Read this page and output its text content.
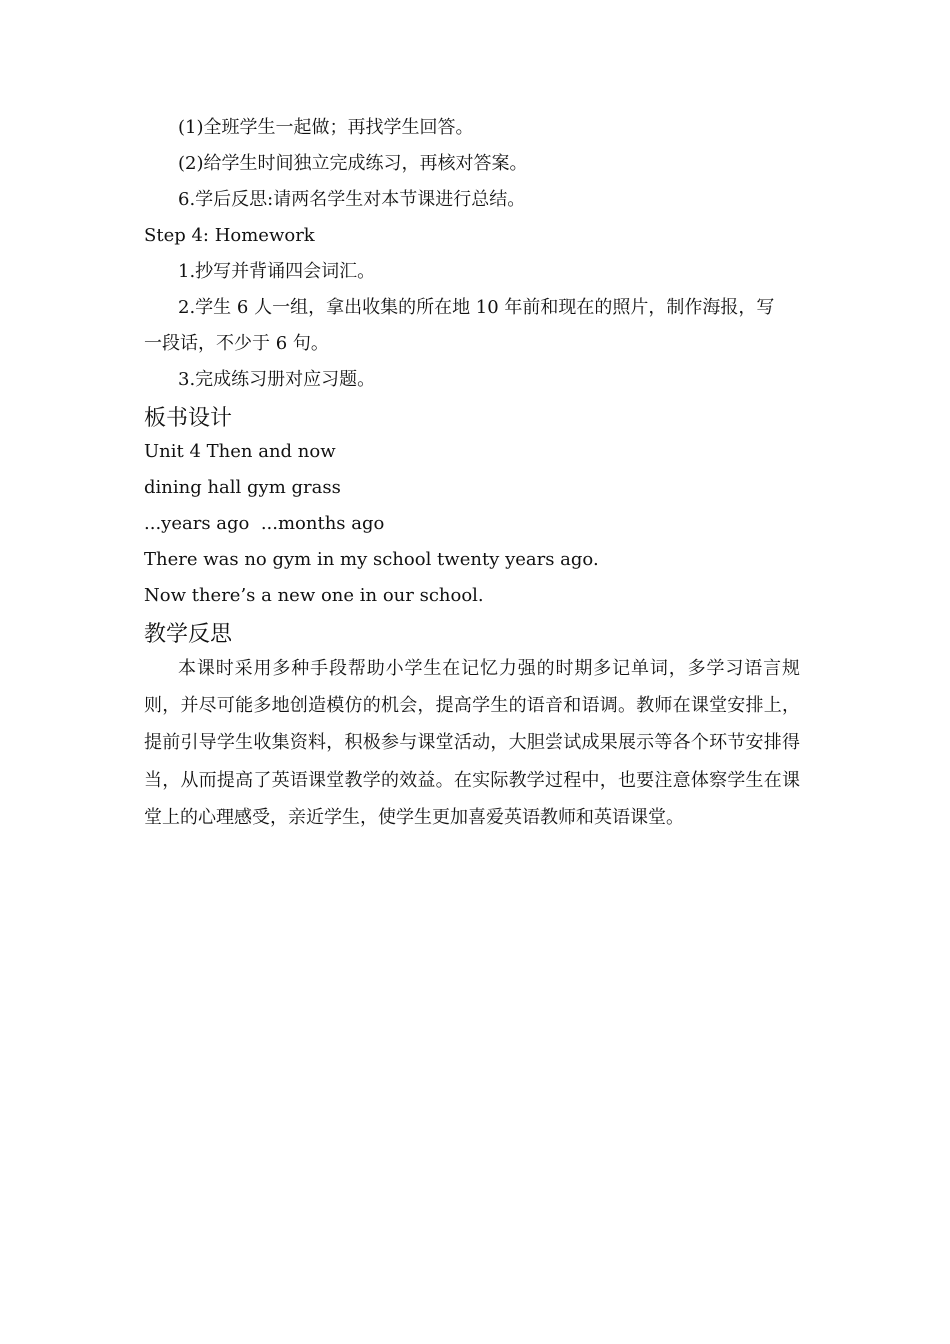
(1)全班学生一起做；再找学生回答。
(2)给学生时间独立完成练习，再核对答案。
6.学后反思:请两名学生对本节课进行总结。
Step 4: Homework
1.抄写并背诵四会词汇。
2.学生 6 人一组，拿出收集的所在地 10 年前和现在的照片，制作海报，写
一段话，不少于 6 句。
3.完成练习册对应习题。
板书设计
Unit 4 Then and now
dining hall gym grass
...years ago  ...months ago
There was no gym in my school twenty years ago.
Now there’s a new one in our school.
教学反思
本课时采用多种手段帮助小学生在记忆力强的时期多记单词，多学习语言规则，并尽可能多地创造模仿的机会，提高学生的语音和语调。教师在课堂安排上，提前引导学生收集资料，积极参与课堂活动，大胆尝试成果展示等各个环节安排得当，从而提高了英语课堂教学的效益。在实际教学过程中，也要注意体察学生在课堂上的心理感受，亲近学生，使学生更加喜爱英语教师和英语课堂。
